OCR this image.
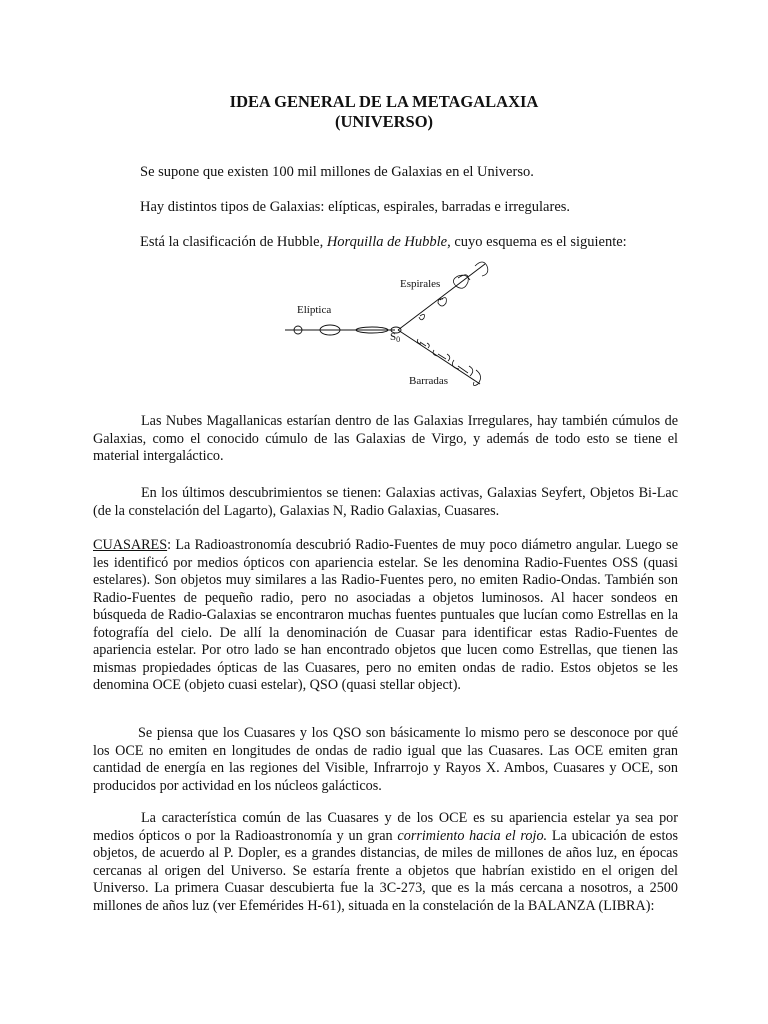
IDEA GENERAL DE LA METAGALAXIA
(UNIVERSO)
Se supone que existen 100 mil millones de Galaxias en el Universo.
Hay distintos tipos de Galaxias: elípticas, espirales, barradas e irregulares.
Está la clasificación de Hubble, Horquilla de Hubble, cuyo esquema es el siguiente:
Elíptica
Espirales
Barradas
S0
Las Nubes Magallanicas estarían dentro de las Galaxias Irregulares, hay también cúmulos de Galaxias, como el conocido cúmulo de las Galaxias de Virgo, y además de todo esto se tiene el material intergaláctico.
En los últimos descubrimientos se tienen: Galaxias activas, Galaxias Seyfert, Objetos Bi-Lac (de la constelación del Lagarto), Galaxias N, Radio Galaxias, Cuasares.
CUASARES: La Radioastronomía descubrió Radio-Fuentes de muy poco diámetro angular. Luego se les identificó por medios ópticos con apariencia estelar. Se les denomina Radio-Fuentes OSS (quasi estelares). Son objetos muy similares a las Radio-Fuentes pero, no emiten Radio-Ondas. También son Radio-Fuentes de pequeño radio, pero no asociadas a objetos luminosos. Al hacer sondeos en búsqueda de Radio-Galaxias se encontraron muchas fuentes puntuales que lucían como Estrellas en la fotografía del cielo. De allí la denominación de Cuasar para identificar estas Radio-Fuentes de apariencia estelar. Por otro lado se han encontrado objetos que lucen como Estrellas, que tienen las mismas propiedades ópticas de las Cuasares, pero no emiten ondas de radio. Estos objetos se les denomina OCE (objeto cuasi estelar), QSO (quasi stellar object).
Se piensa que los Cuasares y los QSO son básicamente lo mismo pero se desconoce por qué los OCE no emiten en longitudes de ondas de radio igual que las Cuasares. Las OCE emiten gran cantidad de energía en las regiones del Visible, Infrarrojo y Rayos X. Ambos, Cuasares y OCE, son producidos por actividad en los núcleos galácticos.
La característica común de las Cuasares y de los OCE es su apariencia estelar ya sea por medios ópticos o por la Radioastronomía y un gran corrimiento hacia el rojo. La ubicación de estos objetos, de acuerdo al P. Dopler, es a grandes distancias, de miles de millones de años luz, en épocas cercanas al origen del Universo. Se estaría frente a objetos que habrían existido en el origen del Universo. La primera Cuasar descubierta fue la 3C-273, que es la más cercana a nosotros, a 2500 millones de años luz (ver Efemérides H-61), situada en la constelación de la BALANZA (LIBRA):
